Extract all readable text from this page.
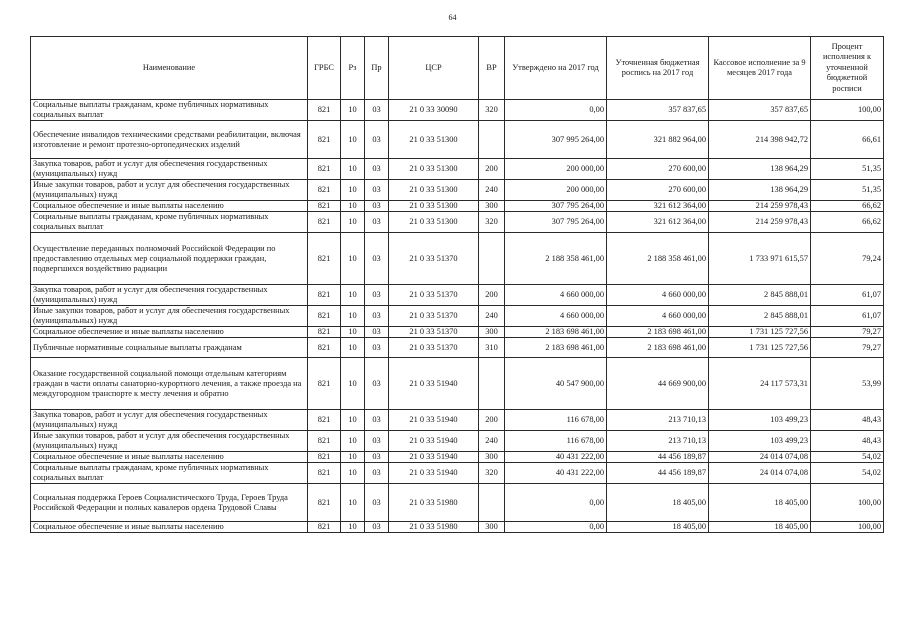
64
Наименование	ГРБС	Рз	Пр	ЦСР	ВР	Утверждено на 2017 год	Уточненная бюджетная роспись на 2017 год	Кассовое исполнение за 9 месяцев 2017 года	Процент исполнения к уточненной бюджетной росписи
Социальные выплаты гражданам, кроме публичных нормативных социальных выплат	821	10	03	21 0 33 30090	320	0,00	357 837,65	357 837,65	100,00
Обеспечение инвалидов техническими средствами реабилитации, включая изготовление и ремонт протезно-ортопедических изделий	821	10	03	21 0 33 51300		307 995 264,00	321 882 964,00	214 398 942,72	66,61
Закупка товаров, работ и услуг для обеспечения государственных (муниципальных) нужд	821	10	03	21 0 33 51300	200	200 000,00	270 600,00	138 964,29	51,35
Иные закупки товаров, работ и услуг для обеспечения государственных (муниципальных) нужд	821	10	03	21 0 33 51300	240	200 000,00	270 600,00	138 964,29	51,35
Социальное обеспечение и иные выплаты населению	821	10	03	21 0 33 51300	300	307 795 264,00	321 612 364,00	214 259 978,43	66,62
Социальные выплаты гражданам, кроме публичных нормативных социальных выплат	821	10	03	21 0 33 51300	320	307 795 264,00	321 612 364,00	214 259 978,43	66,62
Осуществление переданных полномочий Российской Федерации по предоставлению отдельных мер социальной поддержки граждан, подвергшихся воздействию радиации	821	10	03	21 0 33 51370		2 188 358 461,00	2 188 358 461,00	1 733 971 615,57	79,24
Закупка товаров, работ и услуг для обеспечения государственных (муниципальных) нужд	821	10	03	21 0 33 51370	200	4 660 000,00	4 660 000,00	2 845 888,01	61,07
Иные закупки товаров, работ и услуг для обеспечения государственных (муниципальных) нужд	821	10	03	21 0 33 51370	240	4 660 000,00	4 660 000,00	2 845 888,01	61,07
Социальное обеспечение и иные выплаты населению	821	10	03	21 0 33 51370	300	2 183 698 461,00	2 183 698 461,00	1 731 125 727,56	79,27
Публичные нормативные социальные выплаты гражданам	821	10	03	21 0 33 51370	310	2 183 698 461,00	2 183 698 461,00	1 731 125 727,56	79,27
Оказание государственной социальной помощи отдельным категориям граждан в части оплаты санаторно-курортного лечения, а также проезда на междугородном транспорте к месту лечения и обратно	821	10	03	21 0 33 51940		40 547 900,00	44 669 900,00	24 117 573,31	53,99
Закупка товаров, работ и услуг для обеспечения государственных (муниципальных) нужд	821	10	03	21 0 33 51940	200	116 678,00	213 710,13	103 499,23	48,43
Иные закупки товаров, работ и услуг для обеспечения государственных (муниципальных) нужд	821	10	03	21 0 33 51940	240	116 678,00	213 710,13	103 499,23	48,43
Социальное обеспечение и иные выплаты населению	821	10	03	21 0 33 51940	300	40 431 222,00	44 456 189,87	24 014 074,08	54,02
Социальные выплаты гражданам, кроме публичных нормативных социальных выплат	821	10	03	21 0 33 51940	320	40 431 222,00	44 456 189,87	24 014 074,08	54,02
Социальная поддержка Героев Социалистического Труда, Героев Труда Российской Федерации и полных кавалеров ордена Трудовой Славы	821	10	03	21 0 33 51980		0,00	18 405,00	18 405,00	100,00
Социальное обеспечение и иные выплаты населению	821	10	03	21 0 33 51980	300	0,00	18 405,00	18 405,00	100,00
